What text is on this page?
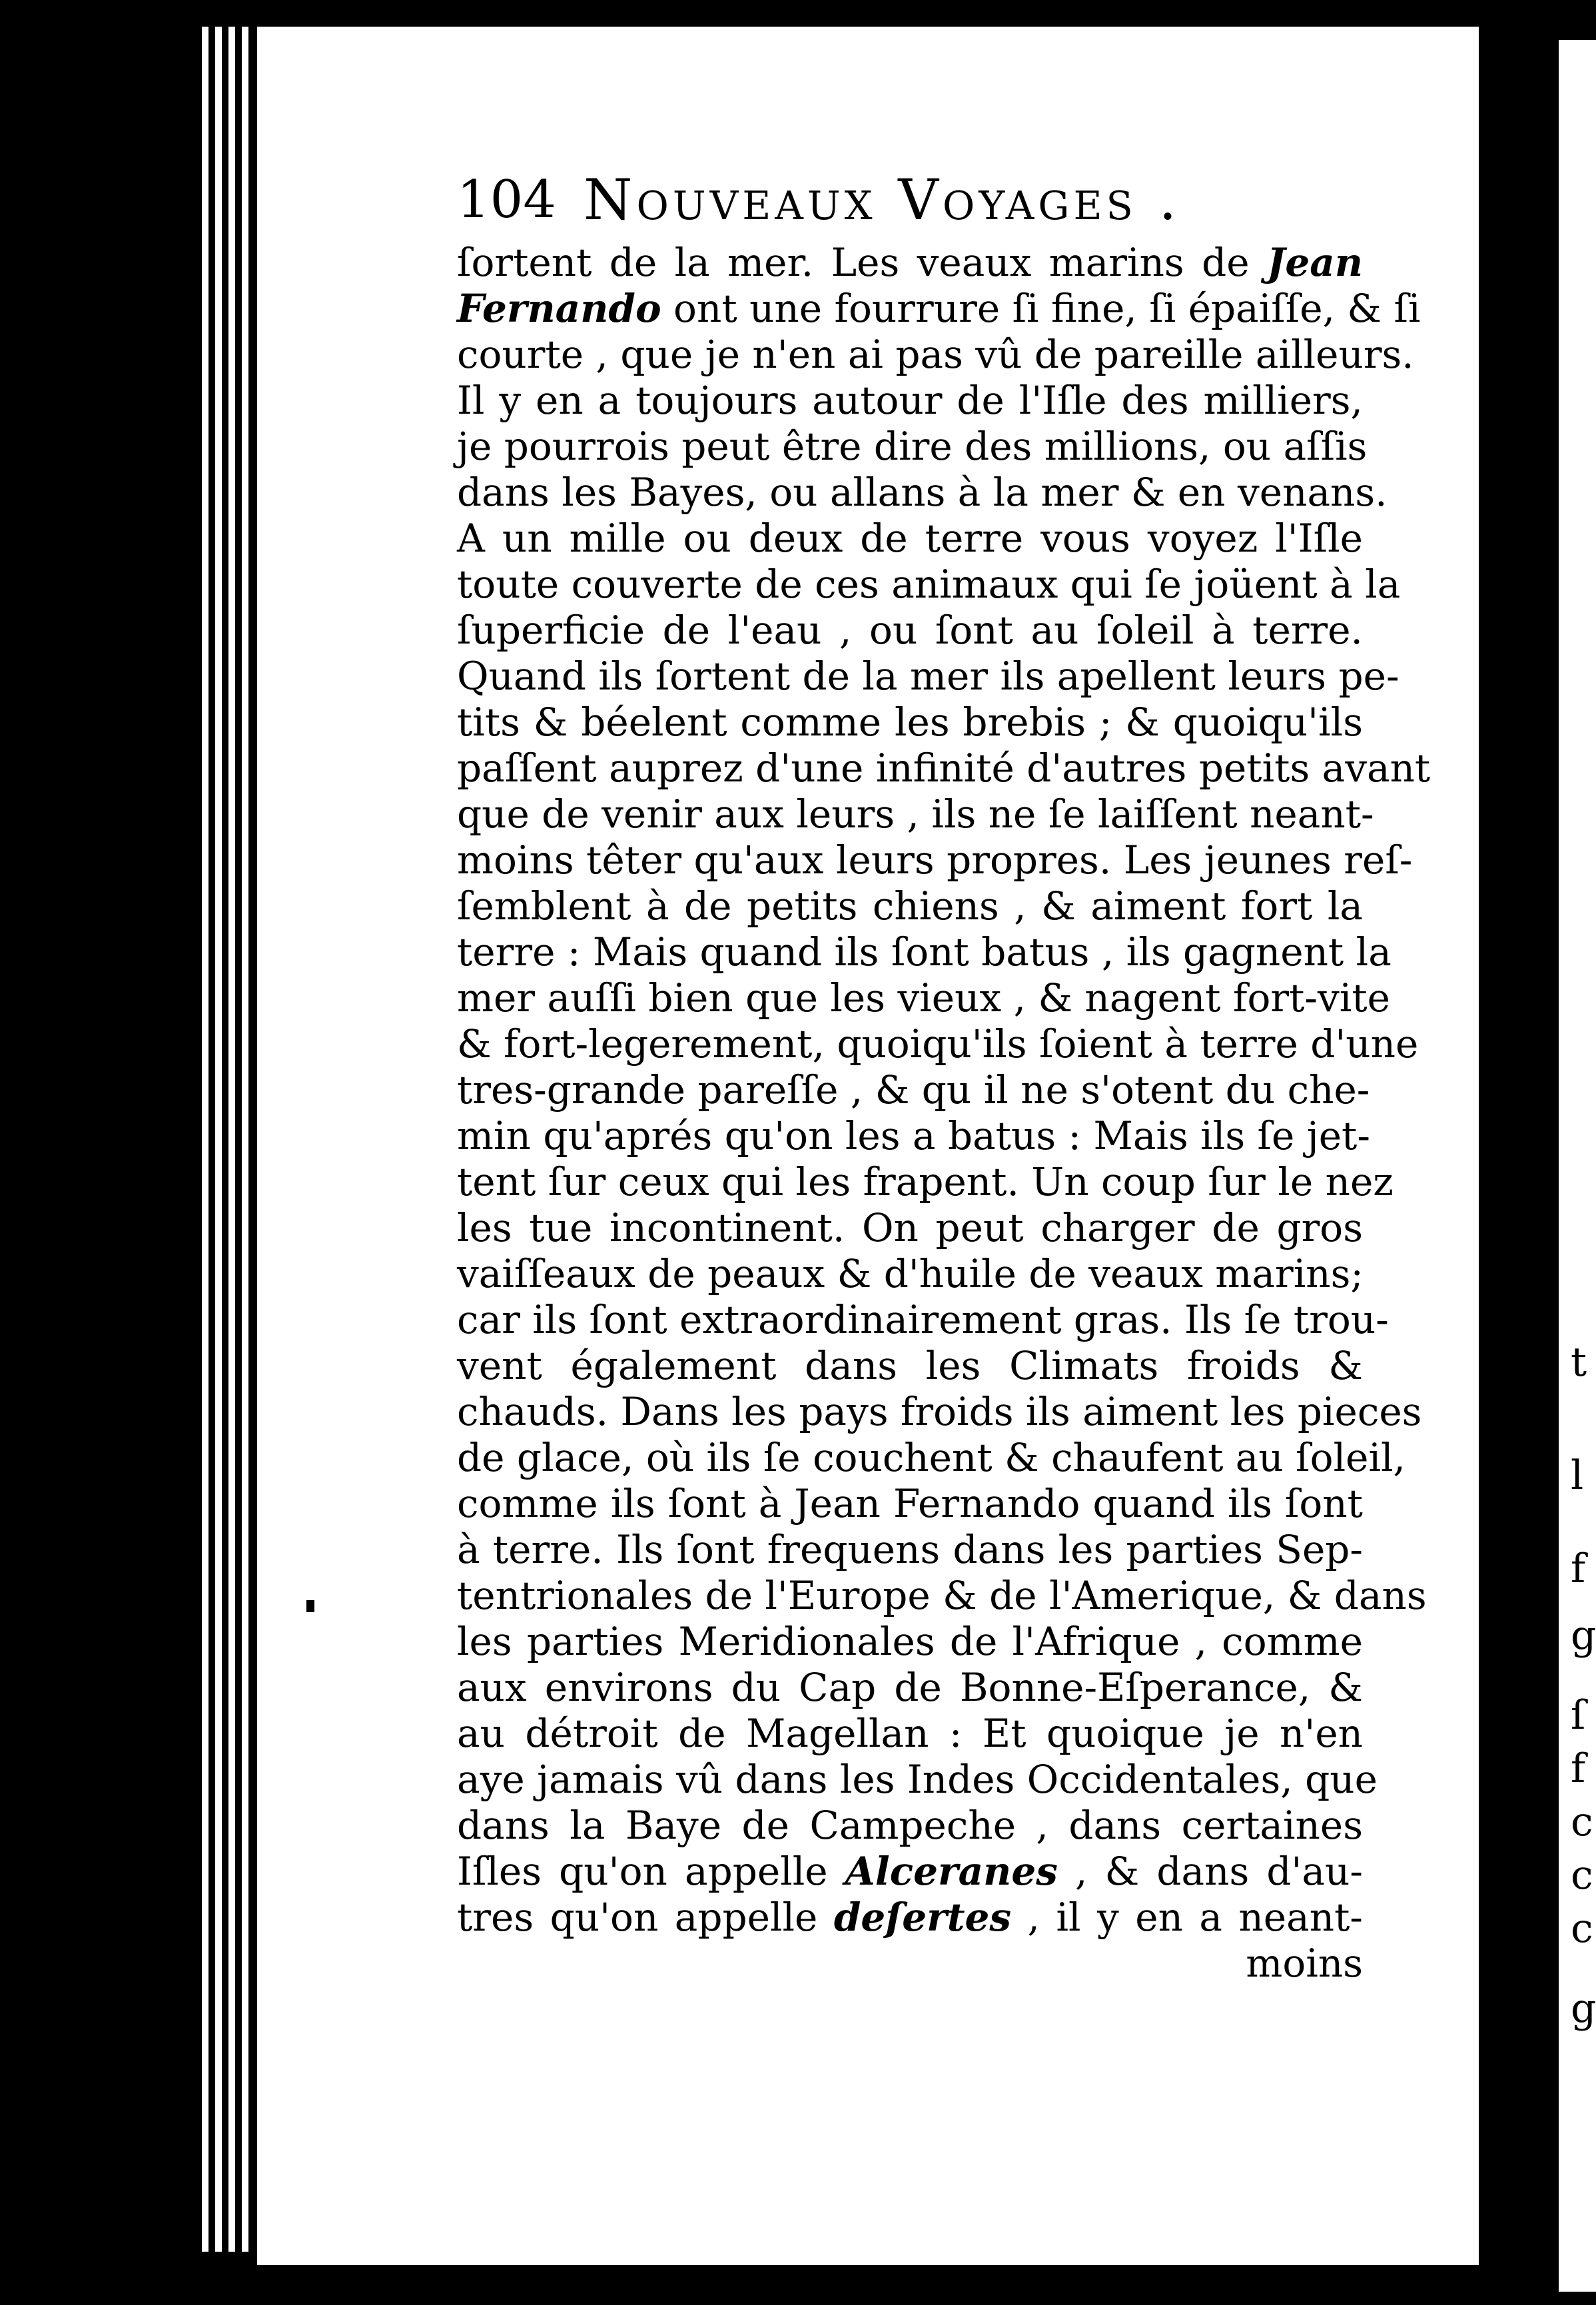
104 Nouveaux Voyages .
ſortent de la mer. Les veaux marins de Jean
Fernando ont une fourrure ſi fine, ſi épaiſſe, & ſi
courte , que je n'en ai pas vû de pareille ailleurs.
Il y en a toujours autour de l'Iſle des milliers,
je pourrois peut être dire des millions, ou aſſis
dans les Bayes, ou allans à la mer & en venans.
A un mille ou deux de terre vous voyez l'Iſle
toute couverte de ces animaux qui ſe joüent à la
ſuperficie de l'eau , ou ſont au ſoleil à terre.
Quand ils ſortent de la mer ils apellent leurs pe-
tits & béelent comme les brebis ; & quoiqu'ils
paſſent auprez d'une infinité d'autres petits avant
que de venir aux leurs , ils ne ſe laiſſent neant-
moins têter qu'aux leurs propres. Les jeunes reſ-
ſemblent à de petits chiens , & aiment fort la
terre : Mais quand ils ſont batus , ils gagnent la
mer auſſi bien que les vieux , & nagent fort-vite
& fort-legerement, quoiqu'ils ſoient à terre d'une
tres-grande pareſſe , & qu il ne s'otent du che-
min qu'aprés qu'on les a batus : Mais ils ſe jet-
tent ſur ceux qui les frapent. Un coup ſur le nez
les tue incontinent. On peut charger de gros
vaiſſeaux de peaux & d'huile de veaux marins;
car ils ſont extraordinairement gras. Ils ſe trou-
vent également dans les Climats froids &
chauds. Dans les pays froids ils aiment les pieces
de glace, où ils ſe couchent & chaufent au ſoleil,
comme ils ſont à Jean Fernando quand ils ſont
à terre. Ils ſont frequens dans les parties Sep-
tentrionales de l'Europe & de l'Amerique, & dans
les parties Meridionales de l'Afrique , comme
aux environs du Cap de Bonne-Eſperance, &
au détroit de Magellan : Et quoique je n'en
aye jamais vû dans les Indes Occidentales, que
dans la Baye de Campeche , dans certaines
Iſles qu'on appelle Alceranes , & dans d'au-
tres qu'on appelle deſertes , il y en a neant-
moins
t
l
f
g
ſ
f
c
c
c
g
